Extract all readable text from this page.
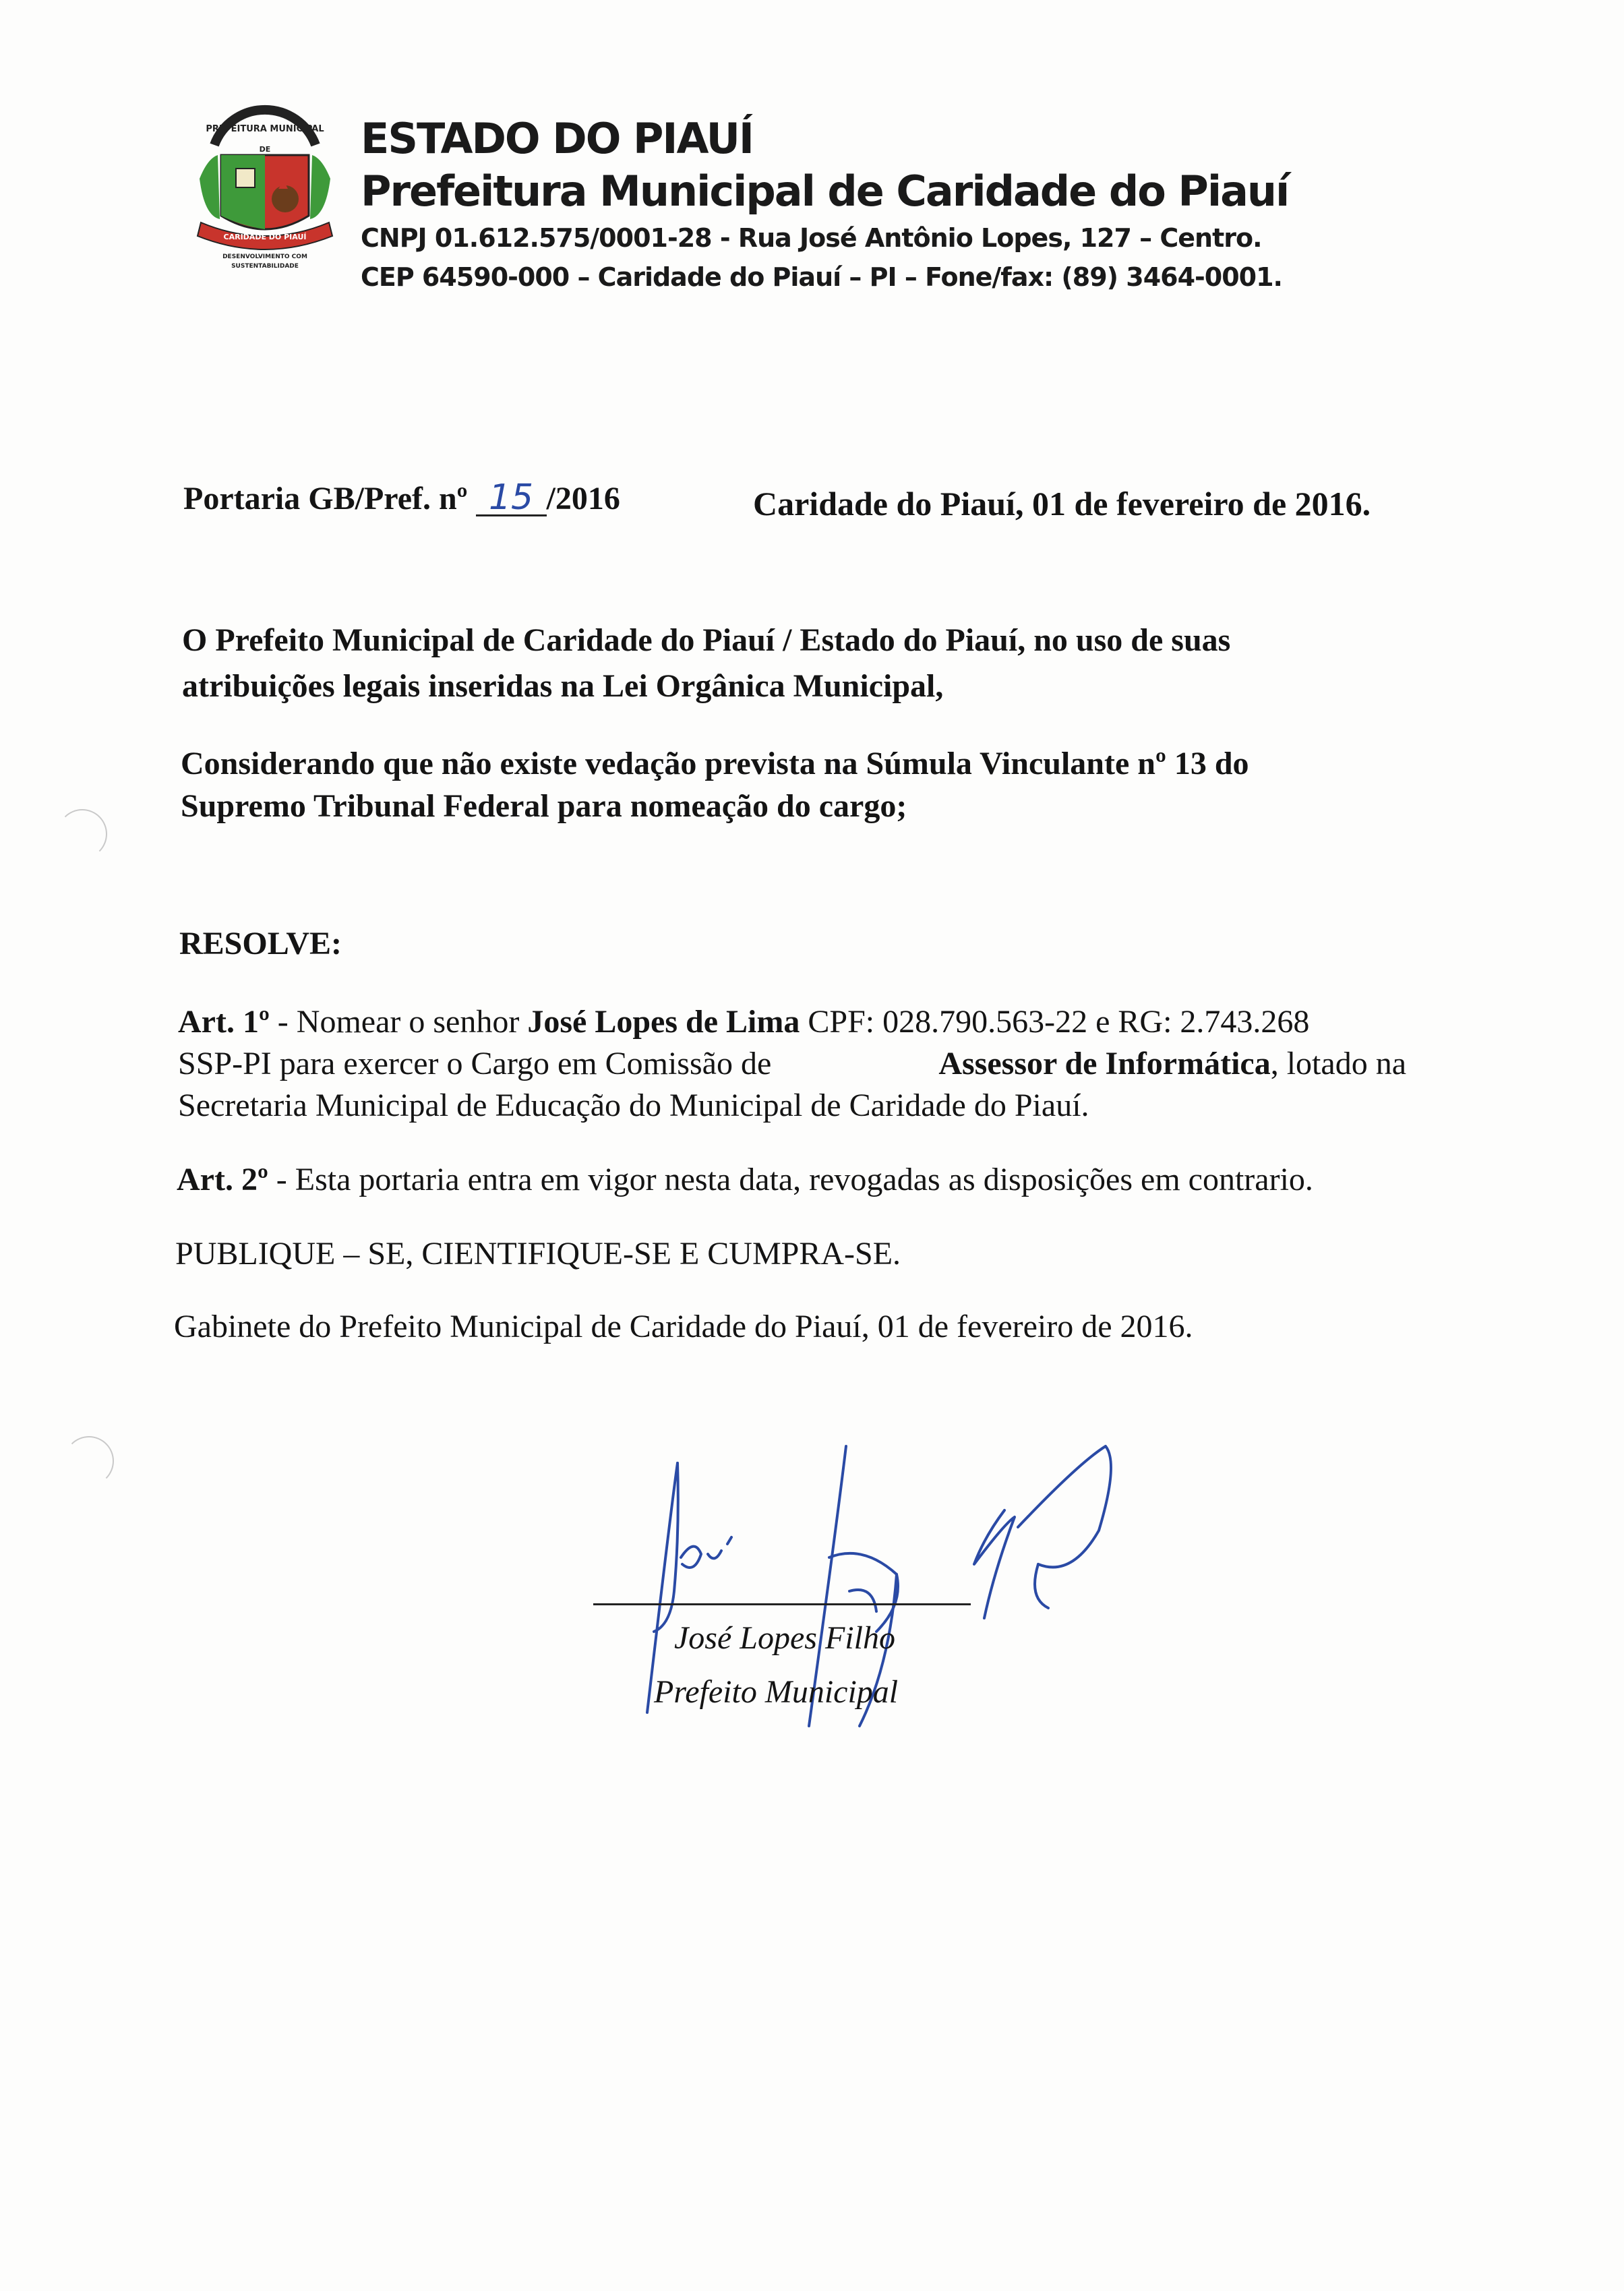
PREFEITURA MUNICIPAL
DE
CARIDADE DO PIAUÍ
DESENVOLVIMENTO COM
SUSTENTABILIDADE
ESTADO DO PIAUÍ
Prefeitura Municipal de Caridade do Piauí
CNPJ 01.612.575/0001-28 - Rua José Antônio Lopes, 127 – Centro.
CEP 64590-000 – Caridade do Piauí – PI – Fone/fax: (89) 3464-0001.
Portaria GB/Pref. nº 15 /2016	Caridade do Piauí, 01 de fevereiro de 2016.
O Prefeito Municipal de Caridade do Piauí / Estado do Piauí, no uso de suas
atribuições legais inseridas na Lei Orgânica Municipal,
Considerando que não existe vedação prevista na Súmula Vinculante nº 13 do
Supremo Tribunal Federal para nomeação do cargo;
RESOLVE:
Art. 1º - Nomear o senhor José Lopes de Lima CPF: 028.790.563-22 e RG: 2.743.268
SSP-PI para exercer o Cargo em Comissão de	Assessor de Informática, lotado na
Secretaria Municipal de Educação do Municipal de Caridade do Piauí.
Art. 2º - Esta portaria entra em vigor nesta data, revogadas as disposições em contrario.
PUBLIQUE – SE, CIENTIFIQUE-SE E CUMPRA-SE.
Gabinete do Prefeito Municipal de Caridade do Piauí, 01 de fevereiro de 2016.
José Lopes Filho
Prefeito Municipal
